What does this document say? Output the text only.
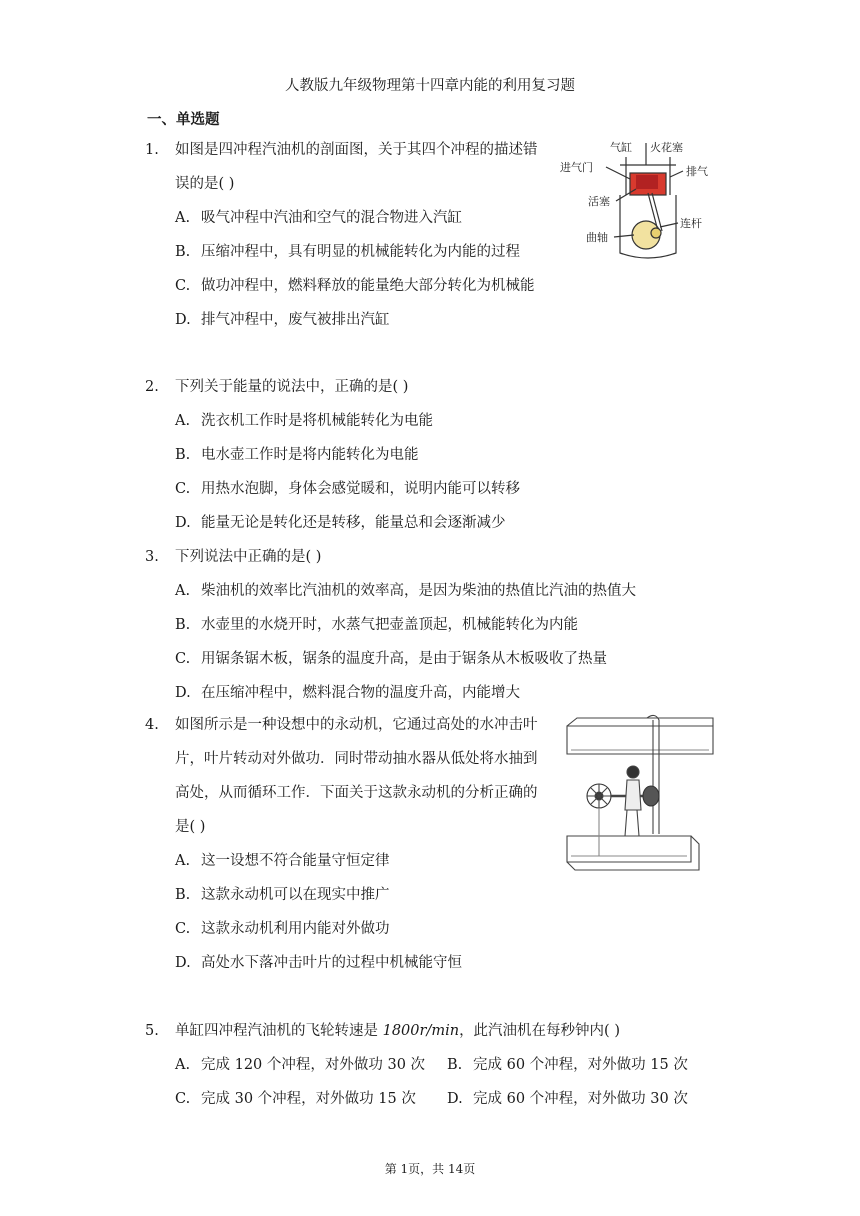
人教版九年级物理第十四章内能的利用复习题
一、单选题
1.	如图是四冲程汽油机的剖面图，关于其四个冲程的描述错
误的是( )
A. 吸气冲程中汽油和空气的混合物进入汽缸
B. 压缩冲程中，具有明显的机械能转化为内能的过程
C. 做功冲程中，燃料释放的能量绝大部分转化为机械能
D. 排气冲程中，废气被排出汽缸
气缸 火花塞
进气门	排气
活塞
连杆
曲轴
2.	下列关于能量的说法中，正确的是( )
A. 洗衣机工作时是将机械能转化为电能
B. 电水壶工作时是将内能转化为电能
C. 用热水泡脚，身体会感觉暖和，说明内能可以转移
D. 能量无论是转化还是转移，能量总和会逐渐减少
3.	下列说法中正确的是( )
A. 柴油机的效率比汽油机的效率高，是因为柴油的热值比汽油的热值大
B. 水壶里的水烧开时，水蒸气把壶盖顶起，机械能转化为内能
C. 用锯条锯木板，锯条的温度升高，是由于锯条从木板吸收了热量
D. 在压缩冲程中，燃料混合物的温度升高，内能增大
4.	如图所示是一种设想中的永动机，它通过高处的水冲击叶
片，叶片转动对外做功．同时带动抽水器从低处将水抽到
高处，从而循环工作．下面关于这款永动机的分析正确的
是( )
A. 这一设想不符合能量守恒定律
B. 这款永动机可以在现实中推广
C. 这款永动机利用内能对外做功
D. 高处水下落冲击叶片的过程中机械能守恒
5.	单缸四冲程汽油机的飞轮转速是 1800r/min，此汽油机在每秒钟内( )
A. 完成 120 个冲程，对外做功 30 次 B. 完成 60 个冲程，对外做功 15 次
C. 完成 30 个冲程，对外做功 15 次 D. 完成 60 个冲程，对外做功 30 次
第 1页，共 14页
